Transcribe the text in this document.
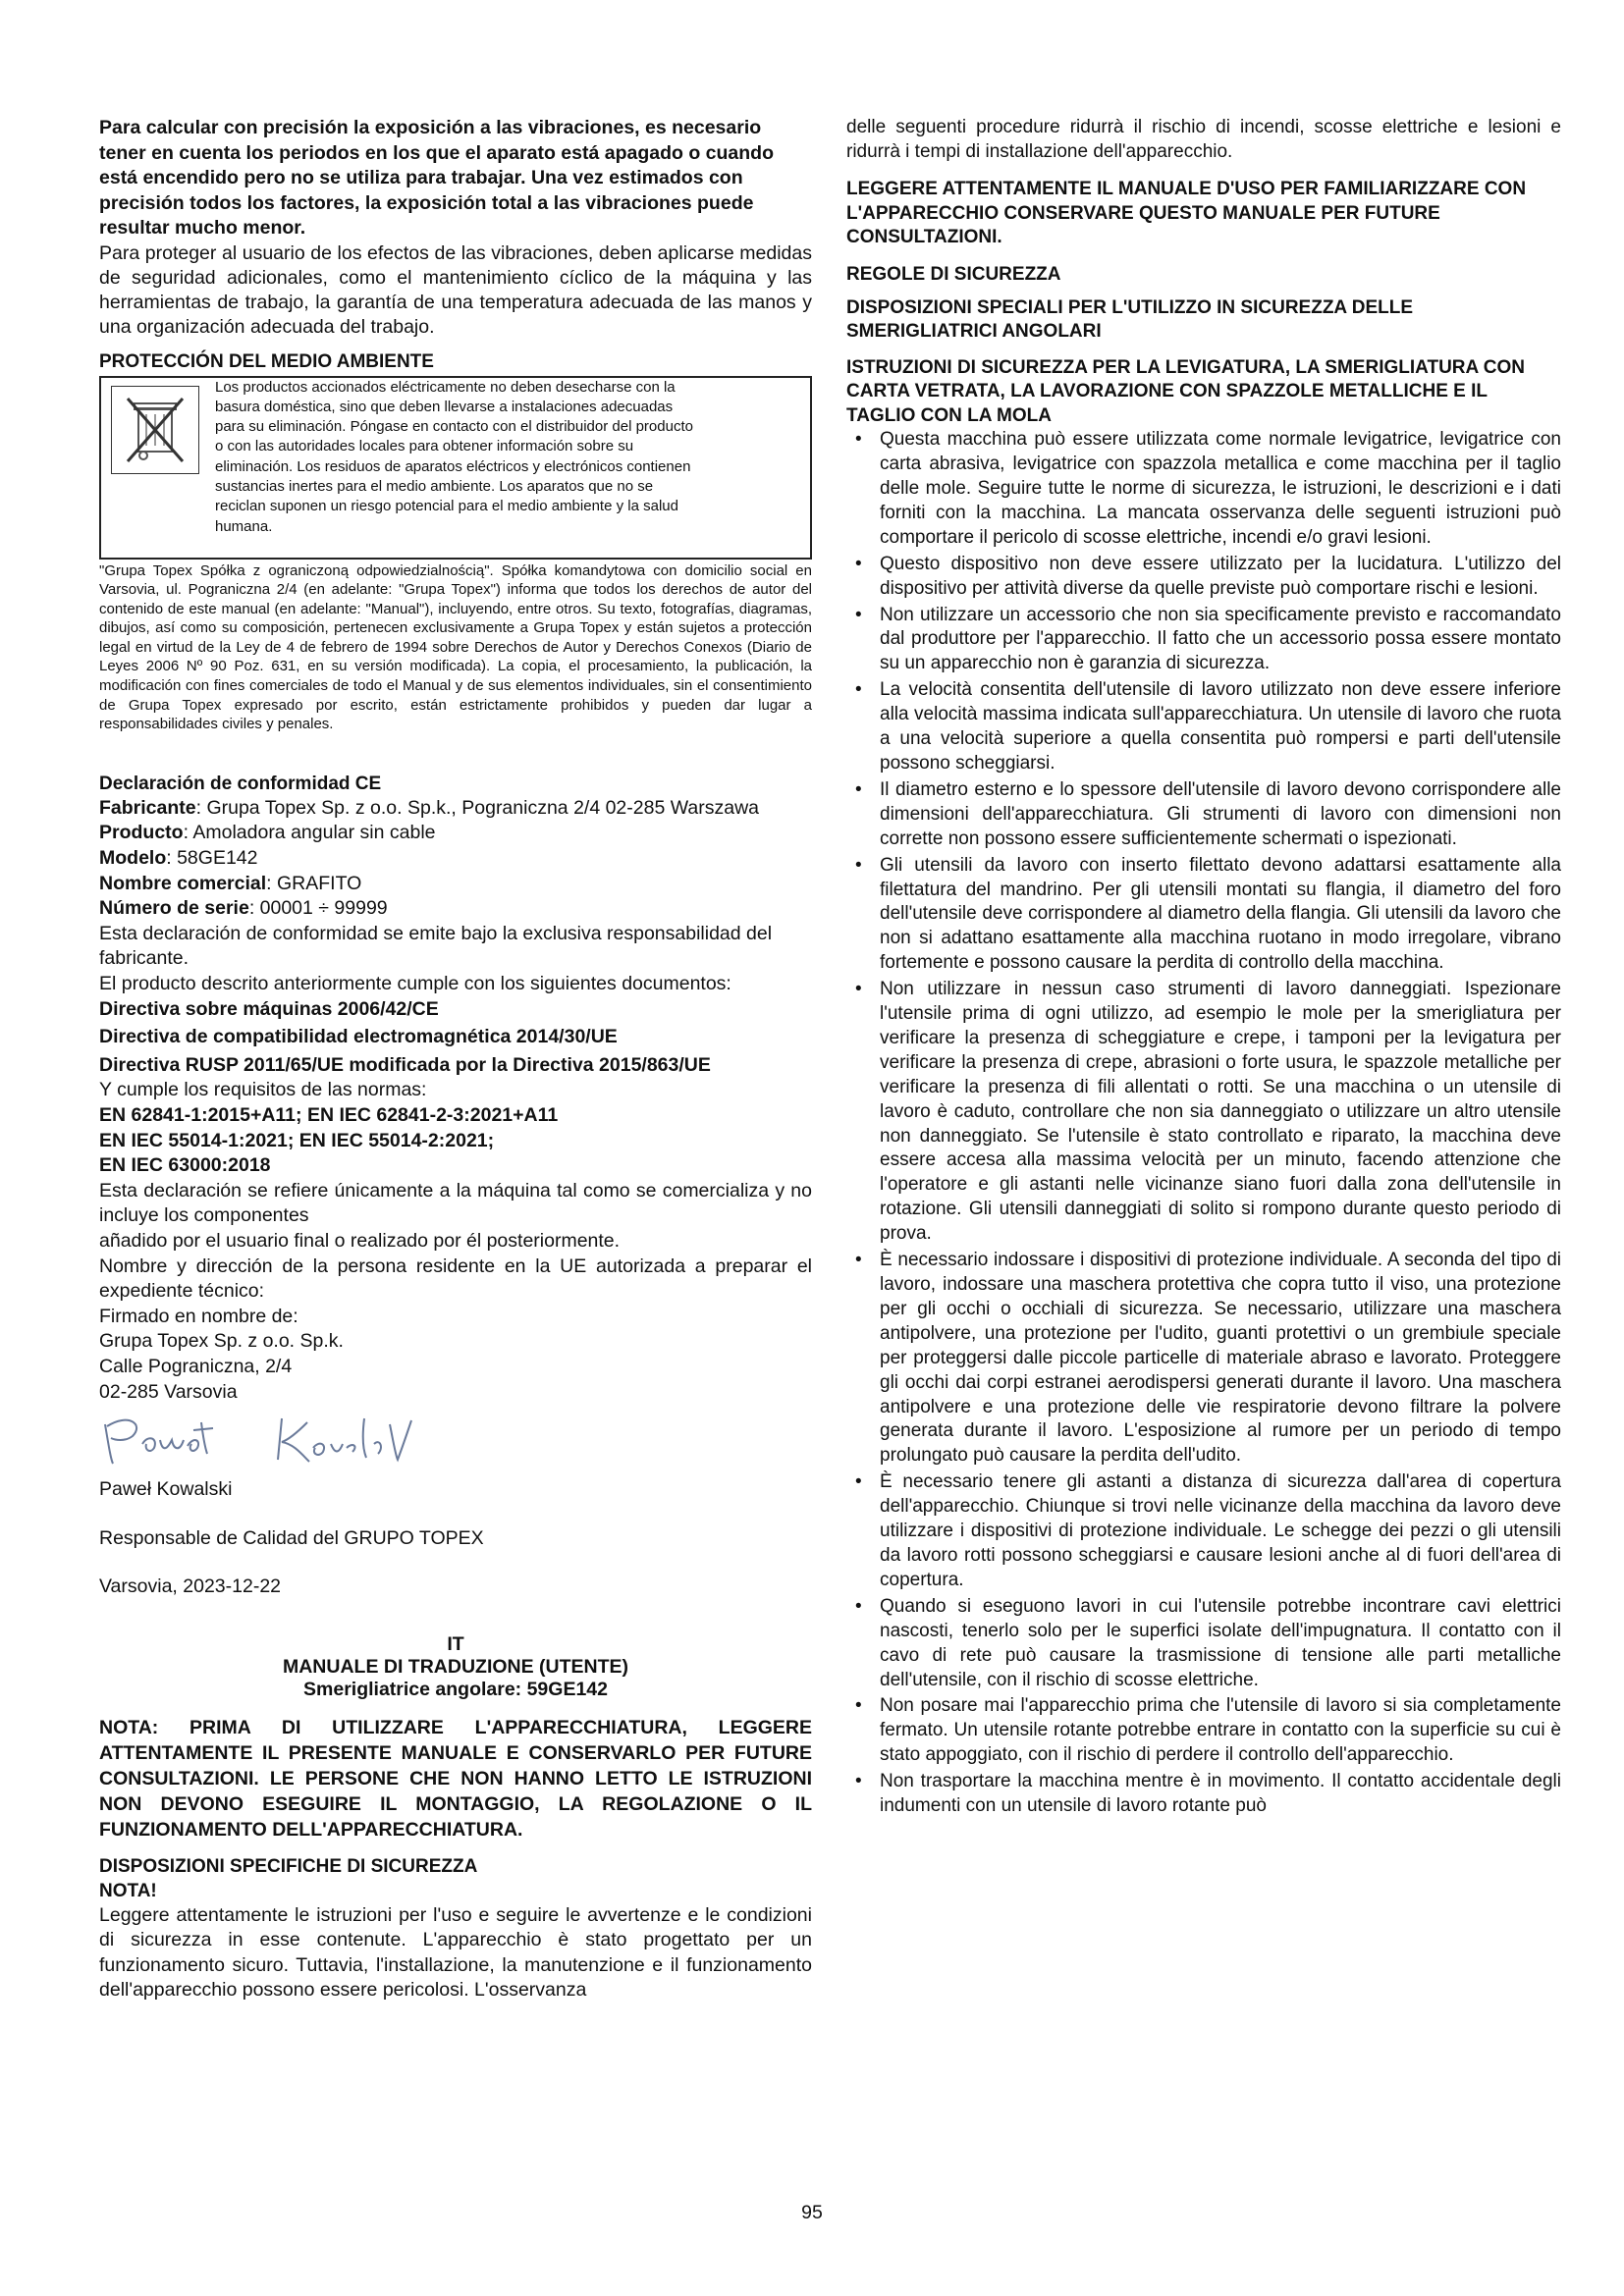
Para calcular con precisión la exposición a las vibraciones, es necesario tener en cuenta los periodos en los que el aparato está apagado o cuando está encendido pero no se utiliza para trabajar. Una vez estimados con precisión todos los factores, la exposición total a las vibraciones puede resultar mucho menor.

Para proteger al usuario de los efectos de las vibraciones, deben aplicarse medidas de seguridad adicionales, como el mantenimiento cíclico de la máquina y las herramientas de trabajo, la garantía de una temperatura adecuada de las manos y una organización adecuada del trabajo.

PROTECCIÓN DEL MEDIO AMBIENTE

Los productos accionados eléctricamente no deben desecharse con la
basura doméstica, sino que deben llevarse a instalaciones adecuadas
para su eliminación. Póngase en contacto con el distribuidor del producto
o con las autoridades locales para obtener información sobre su
eliminación. Los residuos de aparatos eléctricos y electrónicos contienen
sustancias inertes para el medio ambiente. Los aparatos que no se
reciclan suponen un riesgo potencial para el medio ambiente y la salud
humana.

"Grupa Topex Spółka z ograniczoną odpowiedzialnością". Spółka komandytowa con domicilio social en Varsovia, ul. Pograniczna 2/4 (en adelante: "Grupa Topex") informa que todos los derechos de autor del contenido de este manual (en adelante: "Manual"), incluyendo, entre otros. Su texto, fotografías, diagramas, dibujos, así como su composición, pertenecen exclusivamente a Grupa Topex y están sujetos a protección legal en virtud de la Ley de 4 de febrero de 1994 sobre Derechos de Autor y Derechos Conexos (Diario de Leyes 2006 Nº 90 Poz. 631, en su versión modificada). La copia, el procesamiento, la publicación, la modificación con fines comerciales de todo el Manual y de sus elementos individuales, sin el consentimiento de Grupa Topex expresado por escrito, están estrictamente prohibidos y pueden dar lugar a responsabilidades civiles y penales.

Declaración de conformidad CE

Fabricante: Grupa Topex Sp. z o.o. Sp.k., Pograniczna 2/4 02-285 Warszawa

Producto: Amoladora angular sin cable

Modelo: 58GE142

Nombre comercial: GRAFITO

Número de serie: 00001 ÷ 99999

Esta declaración de conformidad se emite bajo la exclusiva responsabilidad del fabricante.

El producto descrito anteriormente cumple con los siguientes documentos:

Directiva sobre máquinas 2006/42/CE

Directiva de compatibilidad electromagnética 2014/30/UE

Directiva RUSP 2011/65/UE modificada por la Directiva 2015/863/UE

Y cumple los requisitos de las normas:

EN 62841-1:2015+A11; EN IEC 62841-2-3:2021+A11

EN IEC 55014-1:2021; EN IEC 55014-2:2021;

EN IEC 63000:2018

Esta declaración se refiere únicamente a la máquina tal como se comercializa y no incluye los componentes

añadido por el usuario final o realizado por él posteriormente.

Nombre y dirección de la persona residente en la UE autorizada a preparar el expediente técnico:

Firmado en nombre de:

Grupa Topex Sp. z o.o. Sp.k.

Calle Pograniczna, 2/4

02-285 Varsovia

Paweł Kowalski

Responsable de Calidad del GRUPO TOPEX

Varsovia, 2023-12-22

IT

MANUALE DI TRADUZIONE (UTENTE)

Smerigliatrice angolare: 59GE142

NOTA: PRIMA DI UTILIZZARE L'APPARECCHIATURA, LEGGERE ATTENTAMENTE IL PRESENTE MANUALE E CONSERVARLO PER FUTURE CONSULTAZIONI. LE PERSONE CHE NON HANNO LETTO LE ISTRUZIONI NON DEVONO ESEGUIRE IL MONTAGGIO, LA REGOLAZIONE O IL FUNZIONAMENTO DELL'APPARECCHIATURA.

DISPOSIZIONI SPECIFICHE DI SICUREZZA

NOTA!

Leggere attentamente le istruzioni per l'uso e seguire le avvertenze e le condizioni di sicurezza in esse contenute. L'apparecchio è stato progettato per un funzionamento sicuro. Tuttavia, l'installazione, la manutenzione e il funzionamento dell'apparecchio possono essere pericolosi. L'osservanza

delle seguenti procedure ridurrà il rischio di incendi, scosse elettriche e lesioni e ridurrà i tempi di installazione dell'apparecchio.

LEGGERE ATTENTAMENTE IL MANUALE D'USO PER FAMILIARIZZARE CON L'APPARECCHIO CONSERVARE QUESTO MANUALE PER FUTURE CONSULTAZIONI.

REGOLE DI SICUREZZA

DISPOSIZIONI SPECIALI PER L'UTILIZZO IN SICUREZZA DELLE SMERIGLIATRICI ANGOLARI

ISTRUZIONI DI SICUREZZA PER LA LEVIGATURA, LA SMERIGLIATURA CON CARTA VETRATA, LA LAVORAZIONE CON SPAZZOLE METALLICHE E IL TAGLIO CON LA MOLA

• Questa macchina può essere utilizzata come normale levigatrice, levigatrice con carta abrasiva, levigatrice con spazzola metallica e come macchina per il taglio delle mole. Seguire tutte le norme di sicurezza, le istruzioni, le descrizioni e i dati forniti con la macchina. La mancata osservanza delle seguenti istruzioni può comportare il pericolo di scosse elettriche, incendi e/o gravi lesioni.
• Questo dispositivo non deve essere utilizzato per la lucidatura. L'utilizzo del dispositivo per attività diverse da quelle previste può comportare rischi e lesioni.
• Non utilizzare un accessorio che non sia specificamente previsto e raccomandato dal produttore per l'apparecchio. Il fatto che un accessorio possa essere montato su un apparecchio non è garanzia di sicurezza.
• La velocità consentita dell'utensile di lavoro utilizzato non deve essere inferiore alla velocità massima indicata sull'apparecchiatura. Un utensile di lavoro che ruota a una velocità superiore a quella consentita può rompersi e parti dell'utensile possono scheggiarsi.
• Il diametro esterno e lo spessore dell'utensile di lavoro devono corrispondere alle dimensioni dell'apparecchiatura. Gli strumenti di lavoro con dimensioni non corrette non possono essere sufficientemente schermati o ispezionati.
• Gli utensili da lavoro con inserto filettato devono adattarsi esattamente alla filettatura del mandrino. Per gli utensili montati su flangia, il diametro del foro dell'utensile deve corrispondere al diametro della flangia. Gli utensili da lavoro che non si adattano esattamente alla macchina ruotano in modo irregolare, vibrano fortemente e possono causare la perdita di controllo della macchina.
• Non utilizzare in nessun caso strumenti di lavoro danneggiati. Ispezionare l'utensile prima di ogni utilizzo, ad esempio le mole per la smerigliatura per verificare la presenza di scheggiature e crepe, i tamponi per la levigatura per verificare la presenza di crepe, abrasioni o forte usura, le spazzole metalliche per verificare la presenza di fili allentati o rotti. Se una macchina o un utensile di lavoro è caduto, controllare che non sia danneggiato o utilizzare un altro utensile non danneggiato. Se l'utensile è stato controllato e riparato, la macchina deve essere accesa alla massima velocità per un minuto, facendo attenzione che l'operatore e gli astanti nelle vicinanze siano fuori dalla zona dell'utensile in rotazione. Gli utensili danneggiati di solito si rompono durante questo periodo di prova.
• È necessario indossare i dispositivi di protezione individuale. A seconda del tipo di lavoro, indossare una maschera protettiva che copra tutto il viso, una protezione per gli occhi o occhiali di sicurezza. Se necessario, utilizzare una maschera antipolvere, una protezione per l'udito, guanti protettivi o un grembiule speciale per proteggersi dalle piccole particelle di materiale abraso e lavorato. Proteggere gli occhi dai corpi estranei aerodispersi generati durante il lavoro. Una maschera antipolvere e una protezione delle vie respiratorie devono filtrare la polvere generata durante il lavoro. L'esposizione al rumore per un periodo di tempo prolungato può causare la perdita dell'udito.
• È necessario tenere gli astanti a distanza di sicurezza dall'area di copertura dell'apparecchio. Chiunque si trovi nelle vicinanze della macchina da lavoro deve utilizzare i dispositivi di protezione individuale. Le schegge dei pezzi o gli utensili da lavoro rotti possono scheggiarsi e causare lesioni anche al di fuori dell'area di copertura.
• Quando si eseguono lavori in cui l'utensile potrebbe incontrare cavi elettrici nascosti, tenerlo solo per le superfici isolate dell'impugnatura. Il contatto con il cavo di rete può causare la trasmissione di tensione alle parti metalliche dell'utensile, con il rischio di scosse elettriche.
• Non posare mai l'apparecchio prima che l'utensile di lavoro si sia completamente fermato. Un utensile rotante potrebbe entrare in contatto con la superficie su cui è stato appoggiato, con il rischio di perdere il controllo dell'apparecchio.
• Non trasportare la macchina mentre è in movimento. Il contatto accidentale degli indumenti con un utensile di lavoro rotante può
95
